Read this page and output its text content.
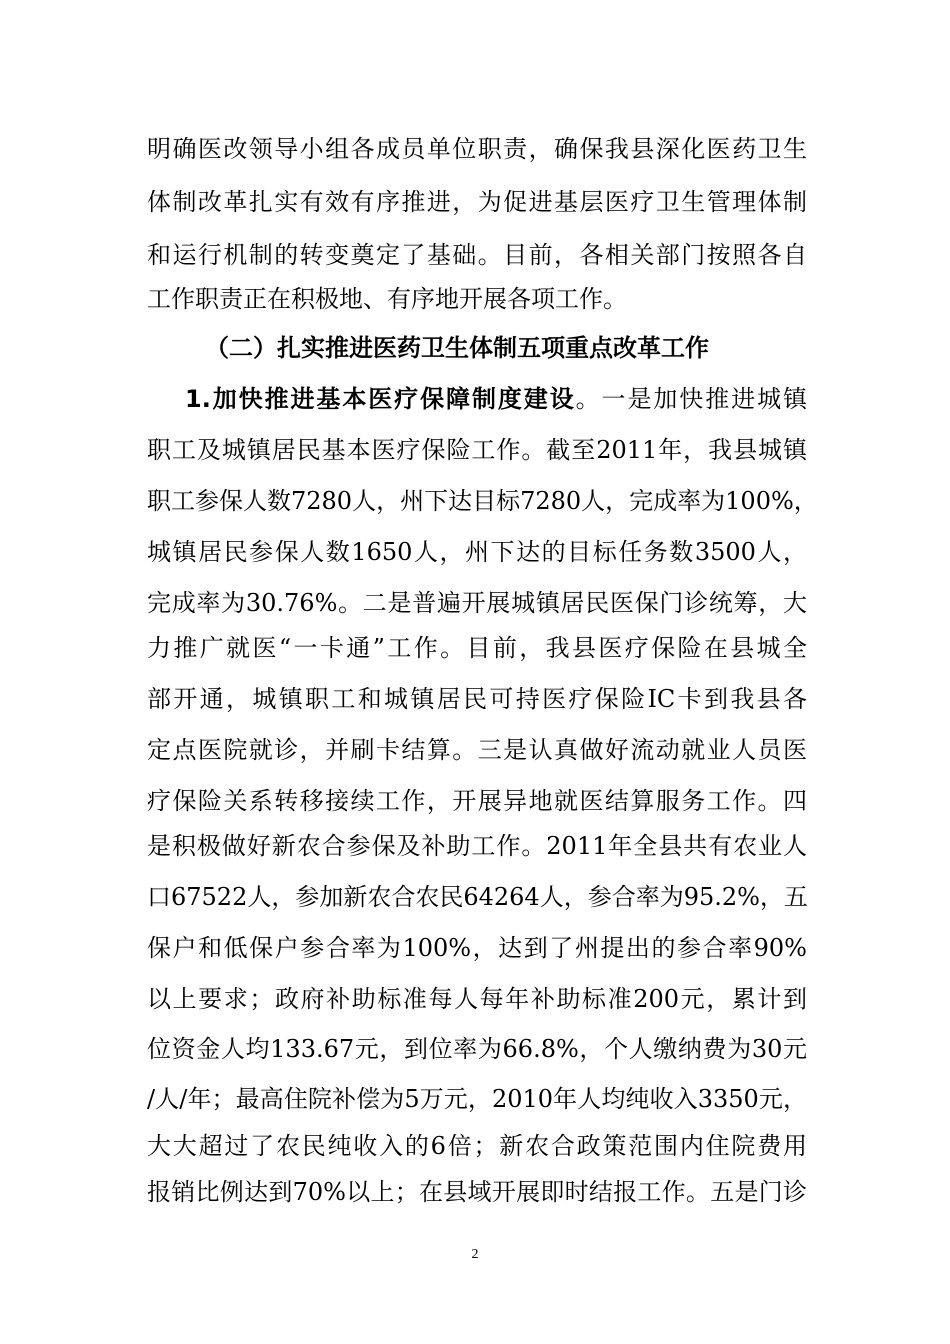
明确医改领导小组各成员单位职责，确保我县深化医药卫生
体制改革扎实有效有序推进，为促进基层医疗卫生管理体制
和运行机制的转变奠定了基础。目前，各相关部门按照各自
工作职责正在积极地、有序地开展各项工作。
（二）扎实推进医药卫生体制五项重点改革工作
1.加快推进基本医疗保障制度建设。一是加快推进城镇
职工及城镇居民基本医疗保险工作。截至2011年，我县城镇
职工参保人数7280人，州下达目标7280人，完成率为100%，
城镇居民参保人数1650人，州下达的目标任务数3500人，
完成率为30.76%。二是普遍开展城镇居民医保门诊统筹，大
力推广就医“一卡通”工作。目前，我县医疗保险在县城全
部开通，城镇职工和城镇居民可持医疗保险IC卡到我县各
定点医院就诊，并刷卡结算。三是认真做好流动就业人员医
疗保险关系转移接续工作，开展异地就医结算服务工作。四
是积极做好新农合参保及补助工作。2011年全县共有农业人
口67522人，参加新农合农民64264人，参合率为95.2%，五
保户和低保户参合率为100%，达到了州提出的参合率90%
以上要求；政府补助标准每人每年补助标准200元，累计到
位资金人均133.67元，到位率为66.8%，个人缴纳费为30元
/人/年；最高住院补偿为5万元，2010年人均纯收入3350元，
大大超过了农民纯收入的6倍；新农合政策范围内住院费用
报销比例达到70%以上；在县域开展即时结报工作。五是门诊
2
